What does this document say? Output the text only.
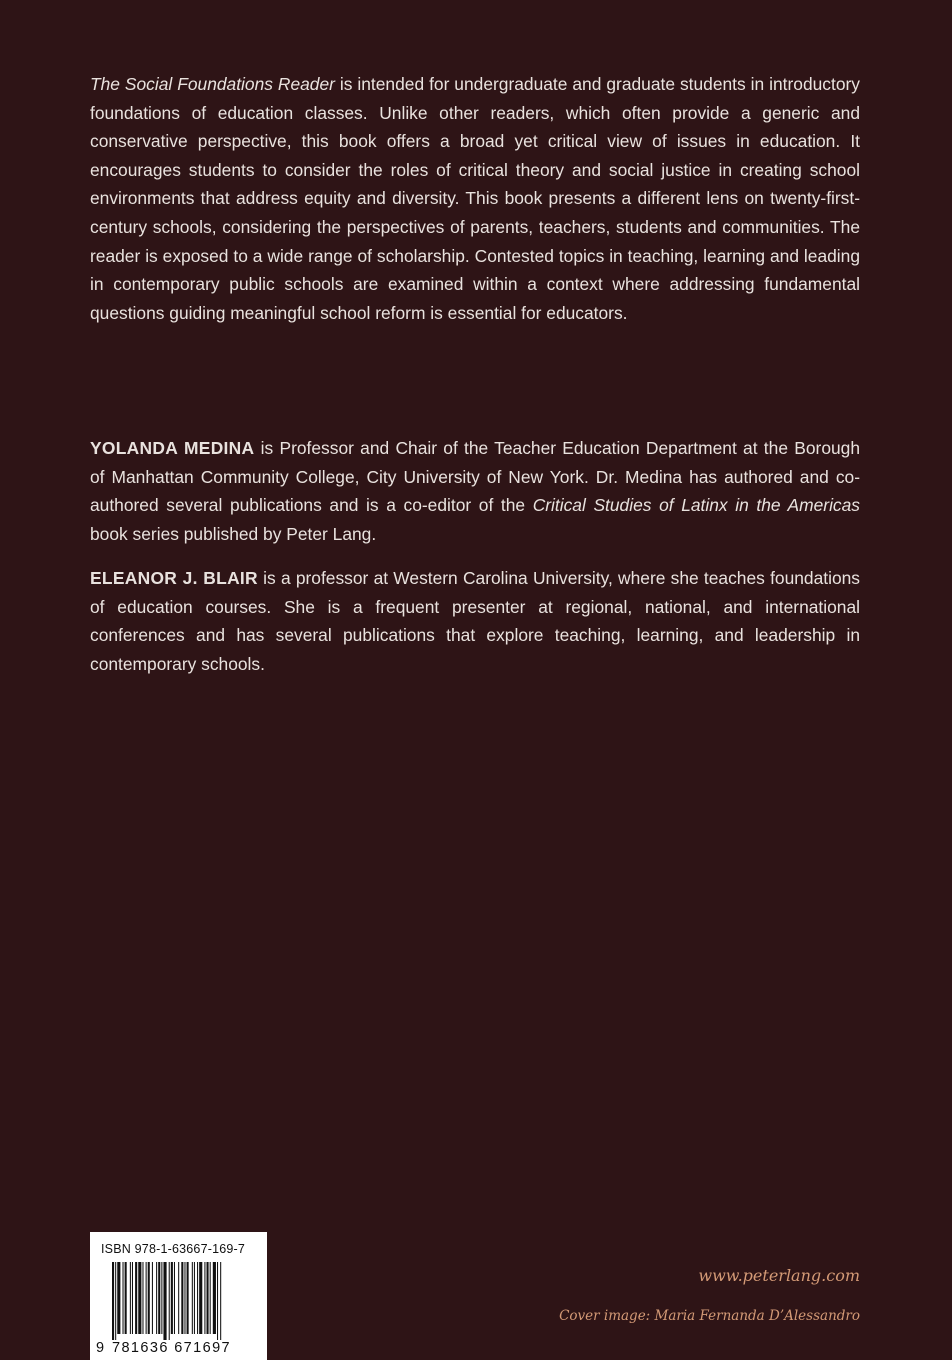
The Social Foundations Reader is intended for undergraduate and graduate students in introductory foundations of education classes. Unlike other readers, which often provide a generic and conservative perspective, this book offers a broad yet critical view of issues in education. It encourages students to consider the roles of critical theory and social justice in creating school environments that address equity and diversity. This book presents a different lens on twenty-first-century schools, considering the perspectives of parents, teachers, students and communities. The reader is exposed to a wide range of scholarship. Contested topics in teaching, learning and leading in contemporary public schools are examined within a context where addressing fundamental questions guiding meaningful school reform is essential for educators.
YOLANDA MEDINA is Professor and Chair of the Teacher Education Department at the Borough of Manhattan Community College, City University of New York. Dr. Medina has authored and co-authored several publications and is a co-editor of the Critical Studies of Latinx in the Americas book series published by Peter Lang.
ELEANOR J. BLAIR is a professor at Western Carolina University, where she teaches foundations of education courses. She is a frequent presenter at regional, national, and international conferences and has several publications that explore teaching, learning, and leadership in contemporary schools.
ISBN 978-1-63667-169-7
9 781636 671697
www.peterlang.com
Cover image: Maria Fernanda D’Alessandro
